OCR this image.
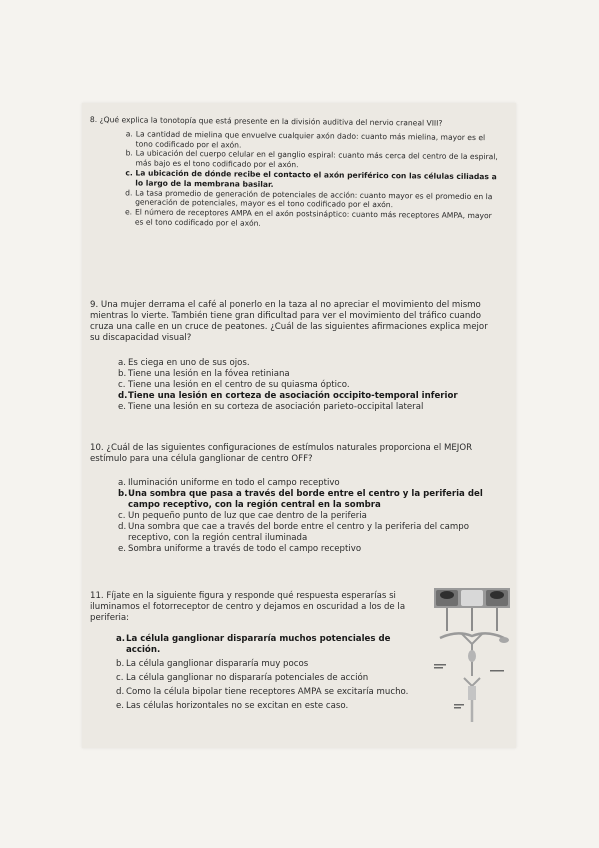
8. ¿Qué explica la tonotopía que está presente en la división auditiva del nervio craneal VIII?

a. La cantidad de mielina que envuelve cualquier axón dado: cuanto más mielina, mayor es el tono codificado por el axón.
b. La ubicación del cuerpo celular en el ganglio espiral: cuanto más cerca del centro de la espiral, más bajo es el tono codificado por el axón.
c. La ubicación de dónde recibe el contacto el axón periférico con las células ciliadas a lo largo de la membrana basilar.
d. La tasa promedio de generación de potenciales de acción: cuanto mayor es el promedio en la generación de potenciales, mayor es el tono codificado por el axón.
e. El número de receptores AMPA en el axón postsináptico: cuanto más receptores AMPA, mayor es el tono codificado por el axón.

9. Una mujer derrama el café al ponerlo en la taza al no apreciar el movimiento del mismo mientras lo vierte. También tiene gran dificultad para ver el movimiento del tráfico cuando cruza una calle en un cruce de peatones. ¿Cuál de las siguientes afirmaciones explica mejor su discapacidad visual?

a. Es ciega en uno de sus ojos.
b. Tiene una lesión en la fóvea retiniana
c. Tiene una lesión en el centro de su quiasma óptico.
d. Tiene una lesión en corteza de asociación occipito-temporal inferior
e. Tiene una lesión en su corteza de asociación parieto-occipital lateral

10. ¿Cuál de las siguientes configuraciones de estímulos naturales proporciona el MEJOR estímulo para una célula ganglionar de centro OFF?

a. Iluminación uniforme en todo el campo receptivo
b. Una sombra que pasa a través del borde entre el centro y la periferia del campo receptivo, con la región central en la sombra
c. Un pequeño punto de luz que cae dentro de la periferia
d. Una sombra que cae a través del borde entre el centro y la periferia del campo receptivo, con la región central iluminada
e. Sombra uniforme a través de todo el campo receptivo

11. Fíjate en la siguiente figura y responde qué respuesta esperarías si iluminamos el fotorreceptor de centro y dejamos en oscuridad a los de la periferia:

a. La célula ganglionar dispararía muchos potenciales de acción.
b. La célula ganglionar dispararía muy pocos
c. La célula ganglionar no dispararía potenciales de acción
d. Como la célula bipolar tiene receptores AMPA se excitaría mucho.
e. Las células horizontales no se excitan en este caso.
